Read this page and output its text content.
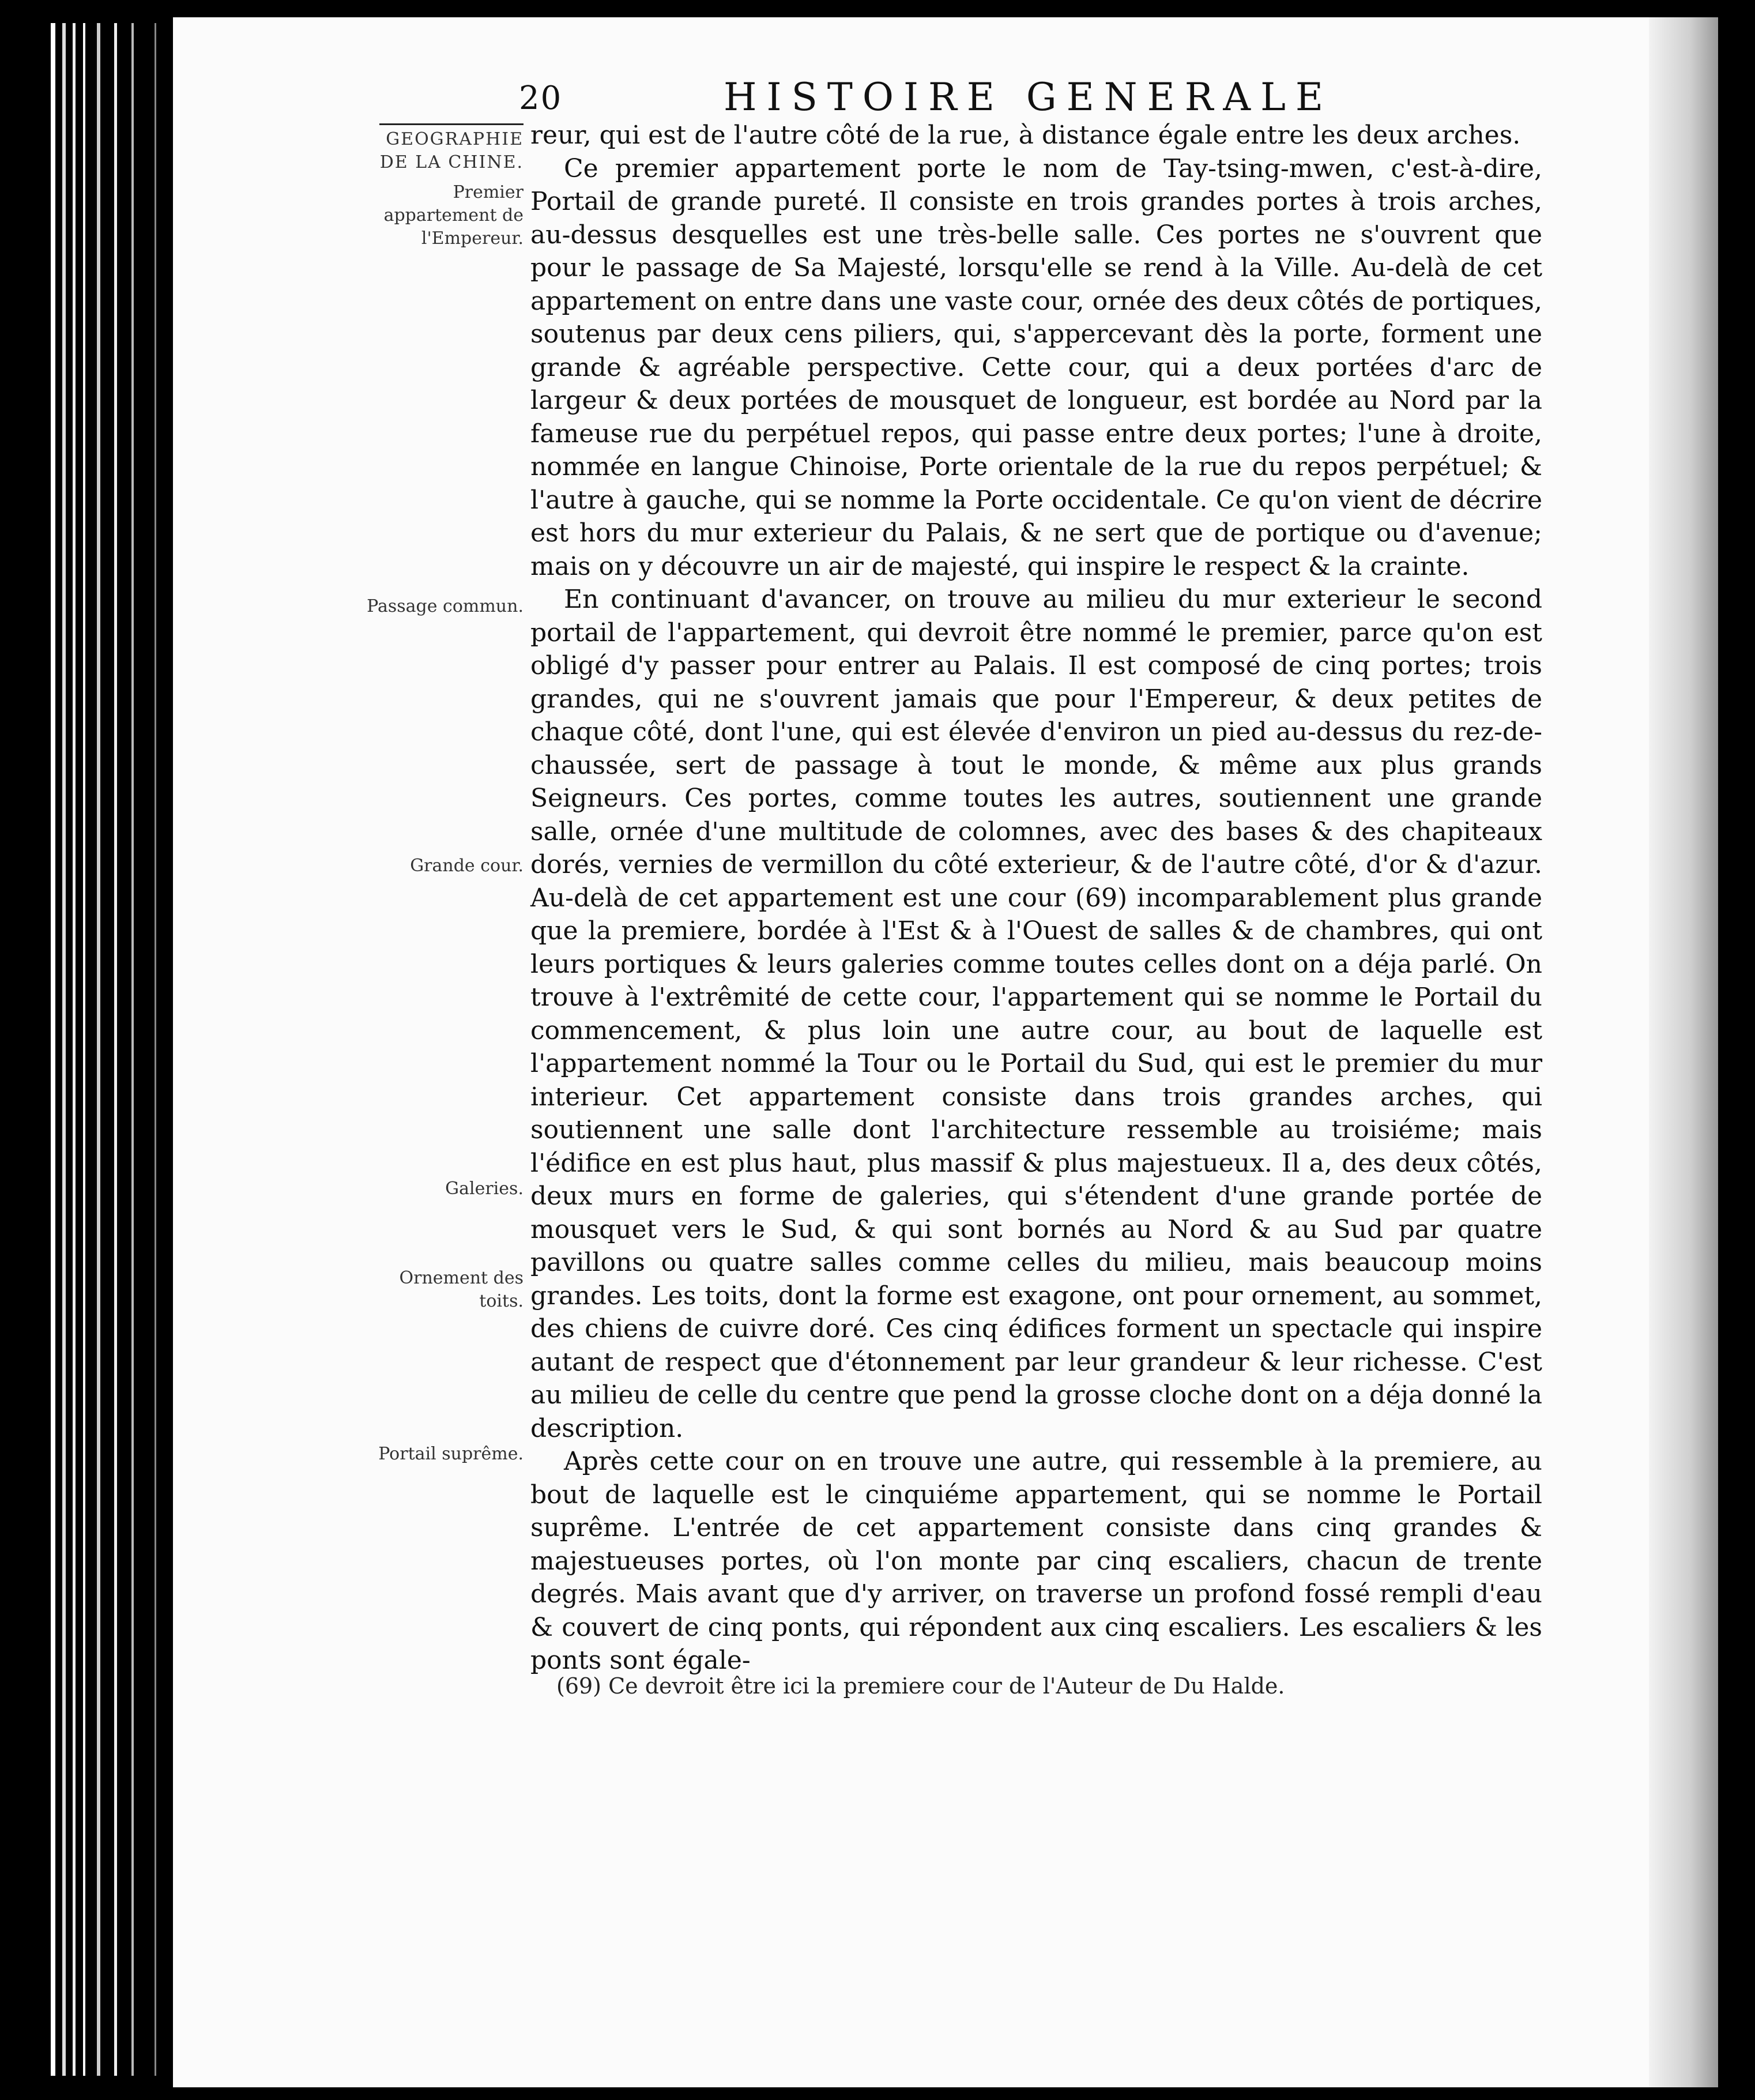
20	HISTOIRE GENERALE
GEOGRAPHIE DE LA CHINE.
Premier appartement de l'Empereur.
Passage commun.
Grande cour.
Galeries.
Ornement des toits.
Portail suprême.

reur, qui est de l'autre côté de la rue, à distance égale entre les deux arches.

Ce premier appartement porte le nom de Tay-tsing-mwen, c'est-à-dire, Portail de grande pureté. Il consiste en trois grandes portes à trois arches, au-dessus desquelles est une très-belle salle. Ces portes ne s'ouvrent que pour le passage de Sa Majesté, lorsqu'elle se rend à la Ville. Au-delà de cet appartement on entre dans une vaste cour, ornée des deux côtés de portiques, soutenus par deux cens piliers, qui, s'appercevant dès la porte, forment une grande & agréable perspective. Cette cour, qui a deux portées d'arc de largeur & deux portées de mousquet de longueur, est bordée au Nord par la fameuse rue du perpétuel repos, qui passe entre deux portes; l'une à droite, nommée en langue Chinoise, Porte orientale de la rue du repos perpétuel; & l'autre à gauche, qui se nomme la Porte occidentale. Ce qu'on vient de décrire est hors du mur exterieur du Palais, & ne sert que de portique ou d'avenue; mais on y découvre un air de majesté, qui inspire le respect & la crainte.

En continuant d'avancer, on trouve au milieu du mur exterieur le second portail de l'appartement, qui devroit être nommé le premier, parce qu'on est obligé d'y passer pour entrer au Palais. Il est composé de cinq portes; trois grandes, qui ne s'ouvrent jamais que pour l'Empereur, & deux petites de chaque côté, dont l'une, qui est élevée d'environ un pied au-dessus du rez-de-chaussée, sert de passage à tout le monde, & même aux plus grands Seigneurs. Ces portes, comme toutes les autres, soutiennent une grande salle, ornée d'une multitude de colomnes, avec des bases & des chapiteaux dorés, vernies de vermillon du côté exterieur, & de l'autre côté, d'or & d'azur. Au-delà de cet appartement est une cour (69) incomparablement plus grande que la premiere, bordée à l'Est & à l'Ouest de salles & de chambres, qui ont leurs portiques & leurs galeries comme toutes celles dont on a déja parlé. On trouve à l'extrêmité de cette cour, l'appartement qui se nomme le Portail du commencement, & plus loin une autre cour, au bout de laquelle est l'appartement nommé la Tour ou le Portail du Sud, qui est le premier du mur interieur. Cet appartement consiste dans trois grandes arches, qui soutiennent une salle dont l'architecture ressemble au troisiéme; mais l'édifice en est plus haut, plus massif & plus majestueux. Il a, des deux côtés, deux murs en forme de galeries, qui s'étendent d'une grande portée de mousquet vers le Sud, & qui sont bornés au Nord & au Sud par quatre pavillons ou quatre salles comme celles du milieu, mais beaucoup moins grandes. Les toits, dont la forme est exagone, ont pour ornement, au sommet, des chiens de cuivre doré. Ces cinq édifices forment un spectacle qui inspire autant de respect que d'étonnement par leur grandeur & leur richesse. C'est au milieu de celle du centre que pend la grosse cloche dont on a déja donné la description.

Après cette cour on en trouve une autre, qui ressemble à la premiere, au bout de laquelle est le cinquiéme appartement, qui se nomme le Portail suprême. L'entrée de cet appartement consiste dans cinq grandes & majestueuses portes, où l'on monte par cinq escaliers, chacun de trente degrés. Mais avant que d'y arriver, on traverse un profond fossé rempli d'eau & couvert de cinq ponts, qui répondent aux cinq escaliers. Les escaliers & les ponts sont égale-

(69) Ce devroit être ici la premiere cour de l'Auteur de Du Halde.
